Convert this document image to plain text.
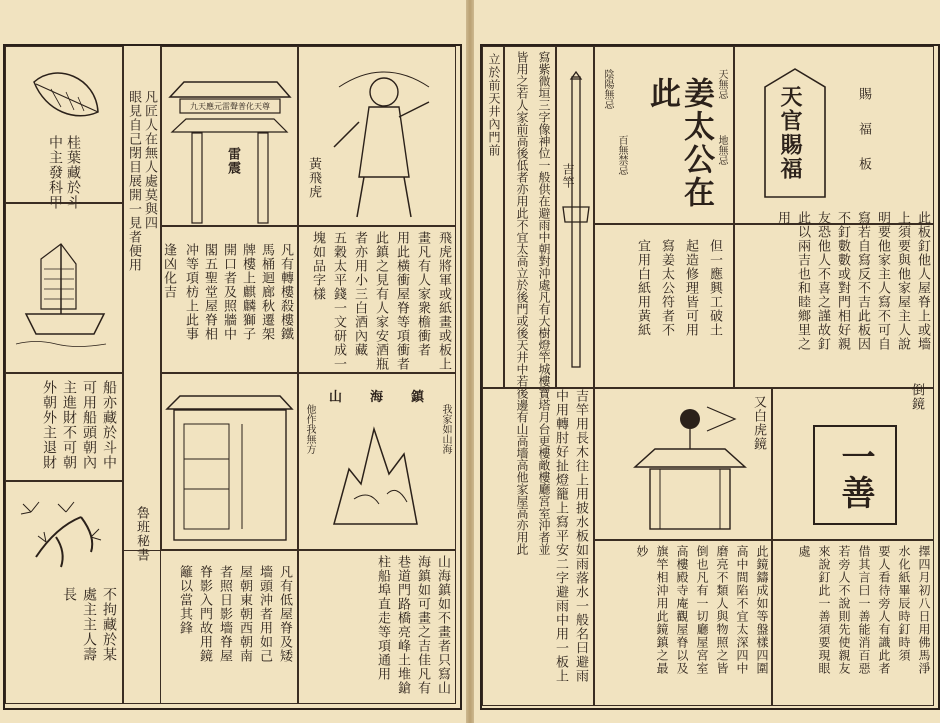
桂葉藏於斗
中主發科甲
船亦藏於斗中
可用船頭朝內
主進財不可朝
外朝外主退財
不拘藏於某
處主主人壽
長
凡匠人在無人處莫與四
眼見自己閉目展開一見者便用
魯班秘書
九天應元雷聲普化天尊
雷震	黃飛虎
飛虎將軍或紙畫或板上
畫凡有人家衆檐衝者
用此橫衝屋脊等項衝者
此鎮之見有人家安酒瓶
者亦用小三白酒內藏
五穀太平錢一文研成一
塊如品字樣
凡有轉樓殺樓鐵
馬桶迴廊秋遷架
牌樓上麒麟獅子
開口者及照牆中
閣五聖堂屋脊相
冲等項枋上此事
逢凶化吉
山海鎮
我家如山海
他作我無方
凡有低屋脊及矮
墻頭沖者用如己
屋朝東朝西朝南
者照日影墻脊屋
脊影入門故用鏡
籬以當其鋒	山海鎮如不畫者只寫山
海鎮如可畫之吉佳凡有
巷道門路橋亮峰土堆鎗
柱船埠直走等項通用
立於前天井內門前	寫紫微垣三字像神位一般供在避雨中朝對沖處凡有大樹燈竿城樓寶塔月台更樓敵樓廳宮室沖者並
皆用之若人家前高後低者亦用此不宜太高立於後門或後天井中若後邊有山高墻高他家屋高亦用此	吉竿	姜太公在此	天無忌
地無忌
陰陽無忌
百無禁忌
但一應興工破土
起造修理皆可用
寫姜太公符者不
宜用白紙用黃紙
天官賜福	賜
福
板
此板釘他人屋脊上或墻
上須要與他家屋主人說
明要他家主人寫不可自
寫若自寫反不吉此板因
不釘數數或對門相好親
友恐他人不喜之謹故釘
此以兩吉也和睦鄉里之
用
吉竿用長木往上用披水板如雨落水一般名曰避雨
中用轉肘好扯燈籠上寫平安二字避雨中用一板上	又白虎鏡	倒鏡
一善
此鏡鑄成如等盤樣四圍
高中間陷不宜太深四中
磨亮不類人與物照之皆
倒也凡有一切廳屋宮室
高樓殿寺庵觀屋脊以及
旗竿相沖用此鏡鎮之最
妙	擇四月初八日用佛馬淨
水化紙畢辰時釘時須
要人看待旁人有識此者
借其言曰一善能消百惡
若旁人不說則先使親友
來說釘此一善須要現眼
處
